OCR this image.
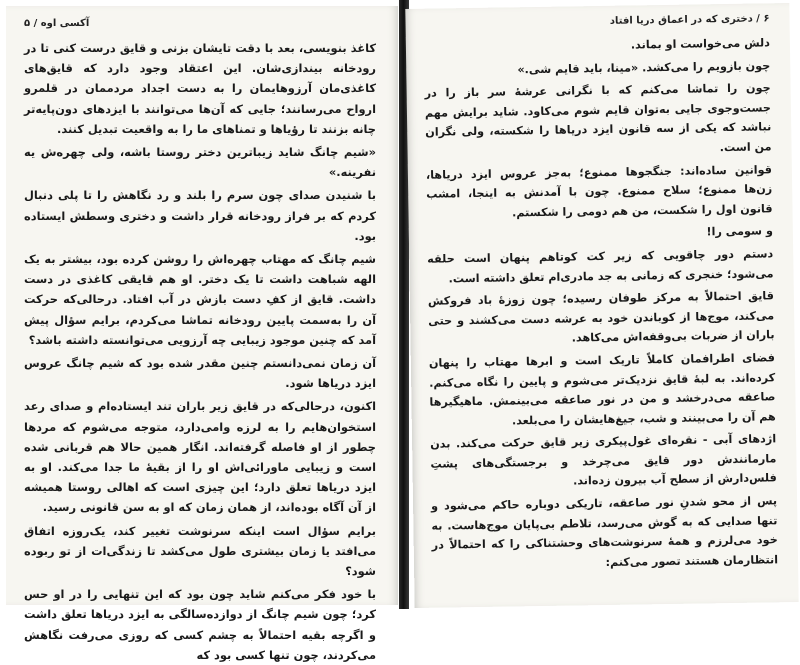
آکسی اوه / ۵

کاغذ بنویسی، بعد با دقت تایشان بزنی و قایق درست کنی تا در رودخانه بیندازی‌شان. این اعتقاد وجود دارد که قایق‌های کاغذی‌مان آرزوهایمان را به دست اجداد مردممان در قلمرو ارواح می‌رسانند؛ جایی که آن‌ها می‌توانند با ایزدهای دون‌پایه‌تر چانه بزنند تا رؤیاها و تمناهای ما را به واقعیت تبدیل کنند.

«شیم چانگ شاید زیباترین دختر روستا باشه، ولی چهره‌ش یه نفرینه.»

با شنیدن صدای چون سرم را بلند و رد نگاهش را تا پلی دنبال کردم که بر فراز رودخانه قرار داشت و دختری وسطش ایستاده بود.

شیم چانگ که مهتاب چهره‌اش را روشن کرده بود، بیشتر به یک الهه شباهت داشت تا یک دختر. او هم قایقی کاغذی در دست داشت. قایق از کفِ دست بازش در آب افتاد. درحالی‌که حرکت آن را به‌سمت پایین رودخانه تماشا می‌کردم، برایم سؤال پیش آمد که چنین موجود زیبایی چه آرزویی می‌توانسته داشته باشد؟

آن زمان نمی‌دانستم چنین مقدر شده بود که شیم چانگ عروس ایزد دریاها شود.

اکنون، درحالی‌که در قایق زیر باران تند ایستاده‌ام و صدای رعد استخوان‌هایم را به لرزه وامی‌دارد، متوجه می‌شوم که مردها چطور از او فاصله گرفته‌اند. انگار همین حالا هم قربانی شده است و زیبایی ماورائی‌اش او را از بقیهٔ ما جدا می‌کند. او به ایزد دریاها تعلق دارد؛ این چیزی است که اهالی روستا همیشه از آن آگاه بوده‌اند، از همان زمان که او به سن قانونی رسید.

برایم سؤال است اینکه سرنوشت تغییر کند، یک‌روزه اتفاق می‌افتد یا زمان بیشتری طول می‌کشد تا زندگی‌ات از تو ربوده شود؟

با خود فکر می‌کنم شاید چون بود که این تنهایی را در او حس کرد؛ چون شیم چانگ از دوازده‌سالگی به ایزد دریاها تعلق داشت و اگرچه بقیه احتمالاً به چشم کسی که روزی می‌رفت نگاهش می‌کردند، چون تنها کسی بود که

۶ / دختری که در اعماق دریا افتاد

دلش می‌خواست او بماند.

چون بازویم را می‌کشد. «مینا، باید قایم شی.»

چون را تماشا می‌کنم که با نگرانی عرشهٔ سر باز را در جست‌وجوی جایی به‌توان قایم شوم می‌کاود. شاید برایش مهم نباشد که یکی از سه قانون ایزد دریاها را شکسته، ولی نگران من است.

قوانین ساده‌اند: جنگجوها ممنوع؛ به‌جز عروس ایزد دریاها، زن‌ها ممنوع؛ سلاح ممنوع. چون با آمدنش به اینجا، امشب قانون اول را شکست، من هم دومی را شکستم.

و سومی را!

دستم دور چاقویی که زیر کت کوتاهم پنهان است حلقه می‌شود؛ خنجری که زمانی به جد مادری‌ام تعلق داشته است.

قایق احتمالاً به مرکز طوفان رسیده؛ چون زوزهٔ باد فروکش می‌کند، موج‌ها از کوباندن خود به عرشه دست می‌کشند و حتی باران از ضربات بی‌وقفه‌اش می‌کاهد.

فضای اطرافمان کاملاً تاریک است و ابرها مهتاب را پنهان کرده‌اند. به لبهٔ قایق نزدیک‌تر می‌شوم و پایین را نگاه می‌کنم. صاعقه می‌درخشد و من در نور صاعقه می‌بینمش. ماهیگیرها هم آن را می‌بینند و شب، جیغ‌هایشان را می‌بلعد.

اژدهای آبی - نقره‌ای غول‌پیکری زیر قایق حرکت می‌کند. بدن مارمانندش دور قایق می‌چرخد و برجستگی‌های پشتِ فلس‌دارش از سطح آب بیرون زده‌اند.

پس از محو شدنِ نور صاعقه، تاریکی دوباره حاکم می‌شود و تنها صدایی که به گوش می‌رسد، تلاطم بی‌پایان موج‌هاست. به خود می‌لرزم و همهٔ سرنوشت‌های وحشتناکی را که احتمالاً در انتظارمان هستند تصور می‌کنم:
